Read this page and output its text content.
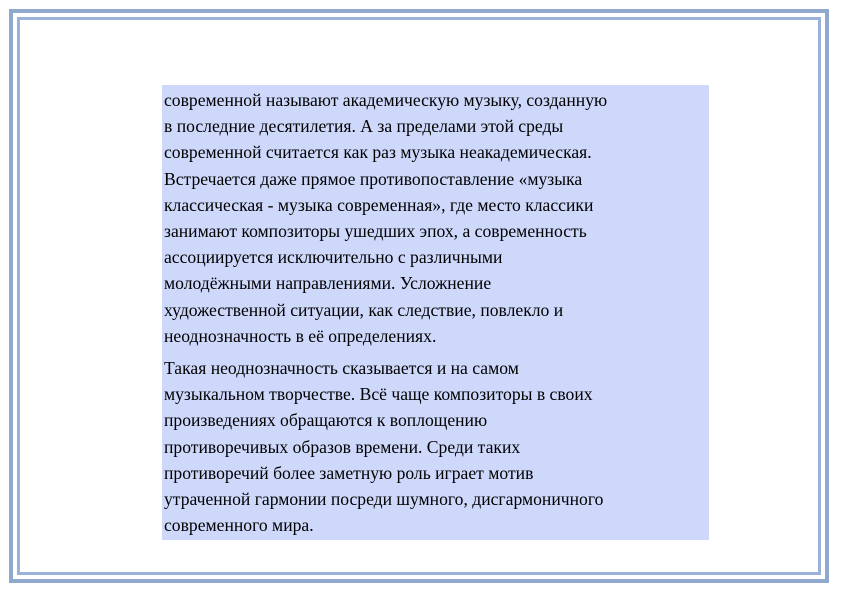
современной называют академическую музыку, созданную
в последние десятилетия. А за пределами этой среды
современной считается как раз музыка неакадемическая.
Встречается даже прямое противопоставление «музыка
классическая - музыка современная», где место классики
занимают композиторы ушедших эпох, а современность
ассоциируется исключительно с различными
молодёжными направлениями. Усложнение
художественной ситуации, как следствие, повлекло и
неоднозначность в её определениях.

Такая неоднозначность сказывается и на самом
музыкальном творчестве. Всё чаще композиторы в своих
произведениях обращаются к воплощению
противоречивых образов времени. Среди таких
противоречий более заметную роль играет мотив
утраченной гармонии посреди шумного, дисгармоничного
современного мира.
